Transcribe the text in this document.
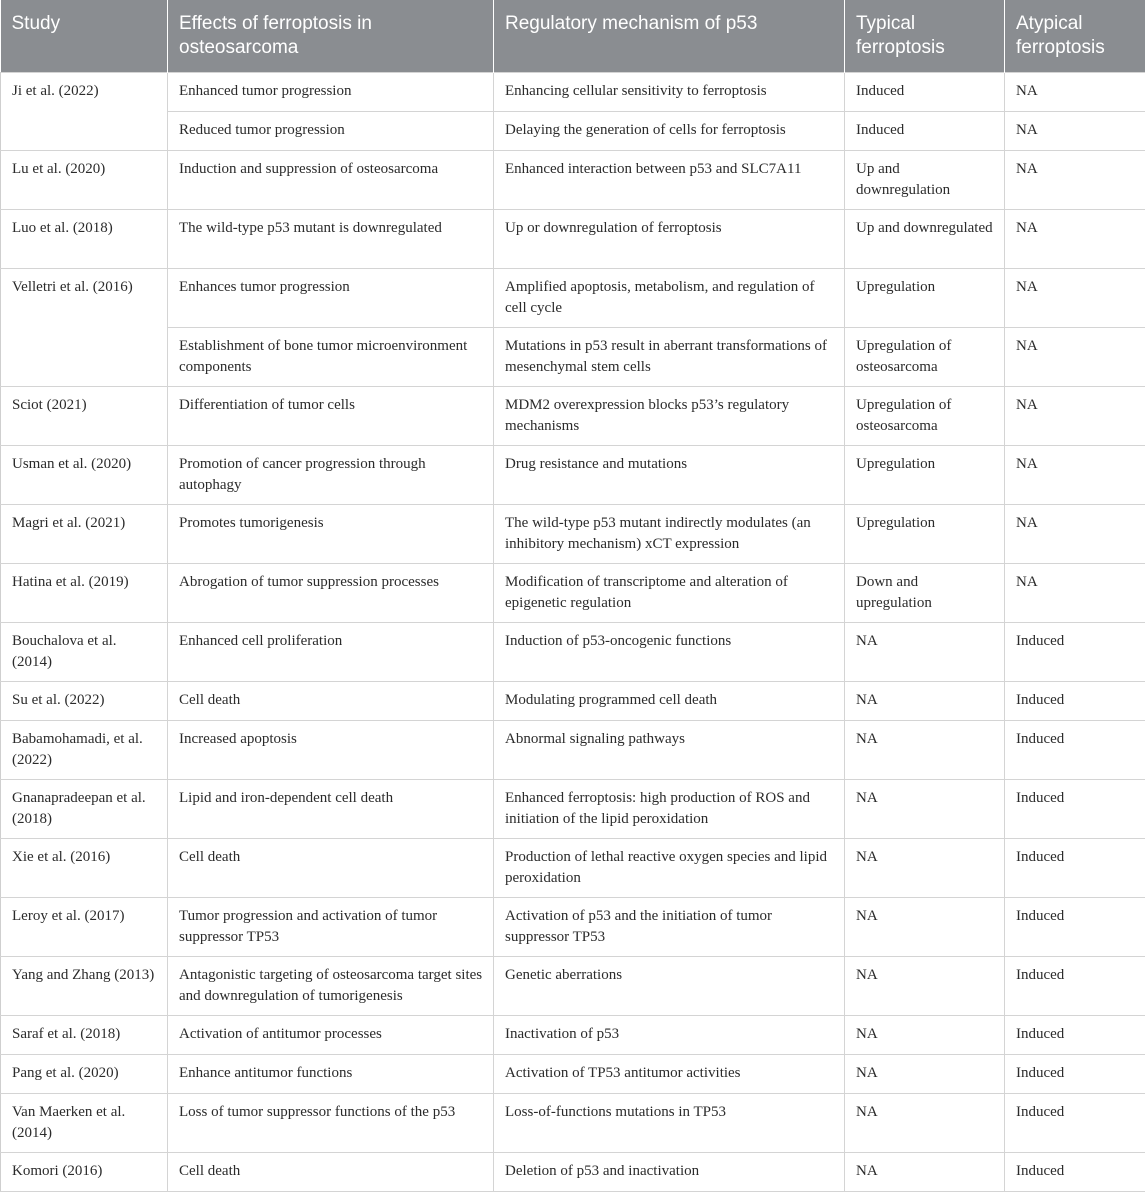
Study	Effects of ferroptosis in osteosarcoma	Regulatory mechanism of p53	Typical ferroptosis	Atypical ferroptosis
Ji et al. (2022)	Enhanced tumor progression	Enhancing cellular sensitivity to ferroptosis	Induced	NA
	Reduced tumor progression	Delaying the generation of cells for ferroptosis	Induced	NA
Lu et al. (2020)	Induction and suppression of osteosarcoma	Enhanced interaction between p53 and SLC7A11	Up and downregulation	NA
Luo et al. (2018)	The wild-type p53 mutant is downregulated	Up or downregulation of ferroptosis	Up and downregulated	NA
Velletri et al. (2016)	Enhances tumor progression	Amplified apoptosis, metabolism, and regulation of cell cycle	Upregulation	NA
	Establishment of bone tumor microenvironment components	Mutations in p53 result in aberrant transformations of mesenchymal stem cells	Upregulation of osteosarcoma	NA
Sciot (2021)	Differentiation of tumor cells	MDM2 overexpression blocks p53’s regulatory mechanisms	Upregulation of osteosarcoma	NA
Usman et al. (2020)	Promotion of cancer progression through autophagy	Drug resistance and mutations	Upregulation	NA
Magri et al. (2021)	Promotes tumorigenesis	The wild-type p53 mutant indirectly modulates (an inhibitory mechanism) xCT expression	Upregulation	NA
Hatina et al. (2019)	Abrogation of tumor suppression processes	Modification of transcriptome and alteration of epigenetic regulation	Down and upregulation	NA
Bouchalova et al. (2014)	Enhanced cell proliferation	Induction of p53-oncogenic functions	NA	Induced
Su et al. (2022)	Cell death	Modulating programmed cell death	NA	Induced
Babamohamadi, et al. (2022)	Increased apoptosis	Abnormal signaling pathways	NA	Induced
Gnanapradeepan et al. (2018)	Lipid and iron-dependent cell death	Enhanced ferroptosis: high production of ROS and initiation of the lipid peroxidation	NA	Induced
Xie et al. (2016)	Cell death	Production of lethal reactive oxygen species and lipid peroxidation	NA	Induced
Leroy et al. (2017)	Tumor progression and activation of tumor suppressor TP53	Activation of p53 and the initiation of tumor suppressor TP53	NA	Induced
Yang and Zhang (2013)	Antagonistic targeting of osteosarcoma target sites and downregulation of tumorigenesis	Genetic aberrations	NA	Induced
Saraf et al. (2018)	Activation of antitumor processes	Inactivation of p53	NA	Induced
Pang et al. (2020)	Enhance antitumor functions	Activation of TP53 antitumor activities	NA	Induced
Van Maerken et al. (2014)	Loss of tumor suppressor functions of the p53	Loss-of-functions mutations in TP53	NA	Induced
Komori (2016)	Cell death	Deletion of p53 and inactivation	NA	Induced
